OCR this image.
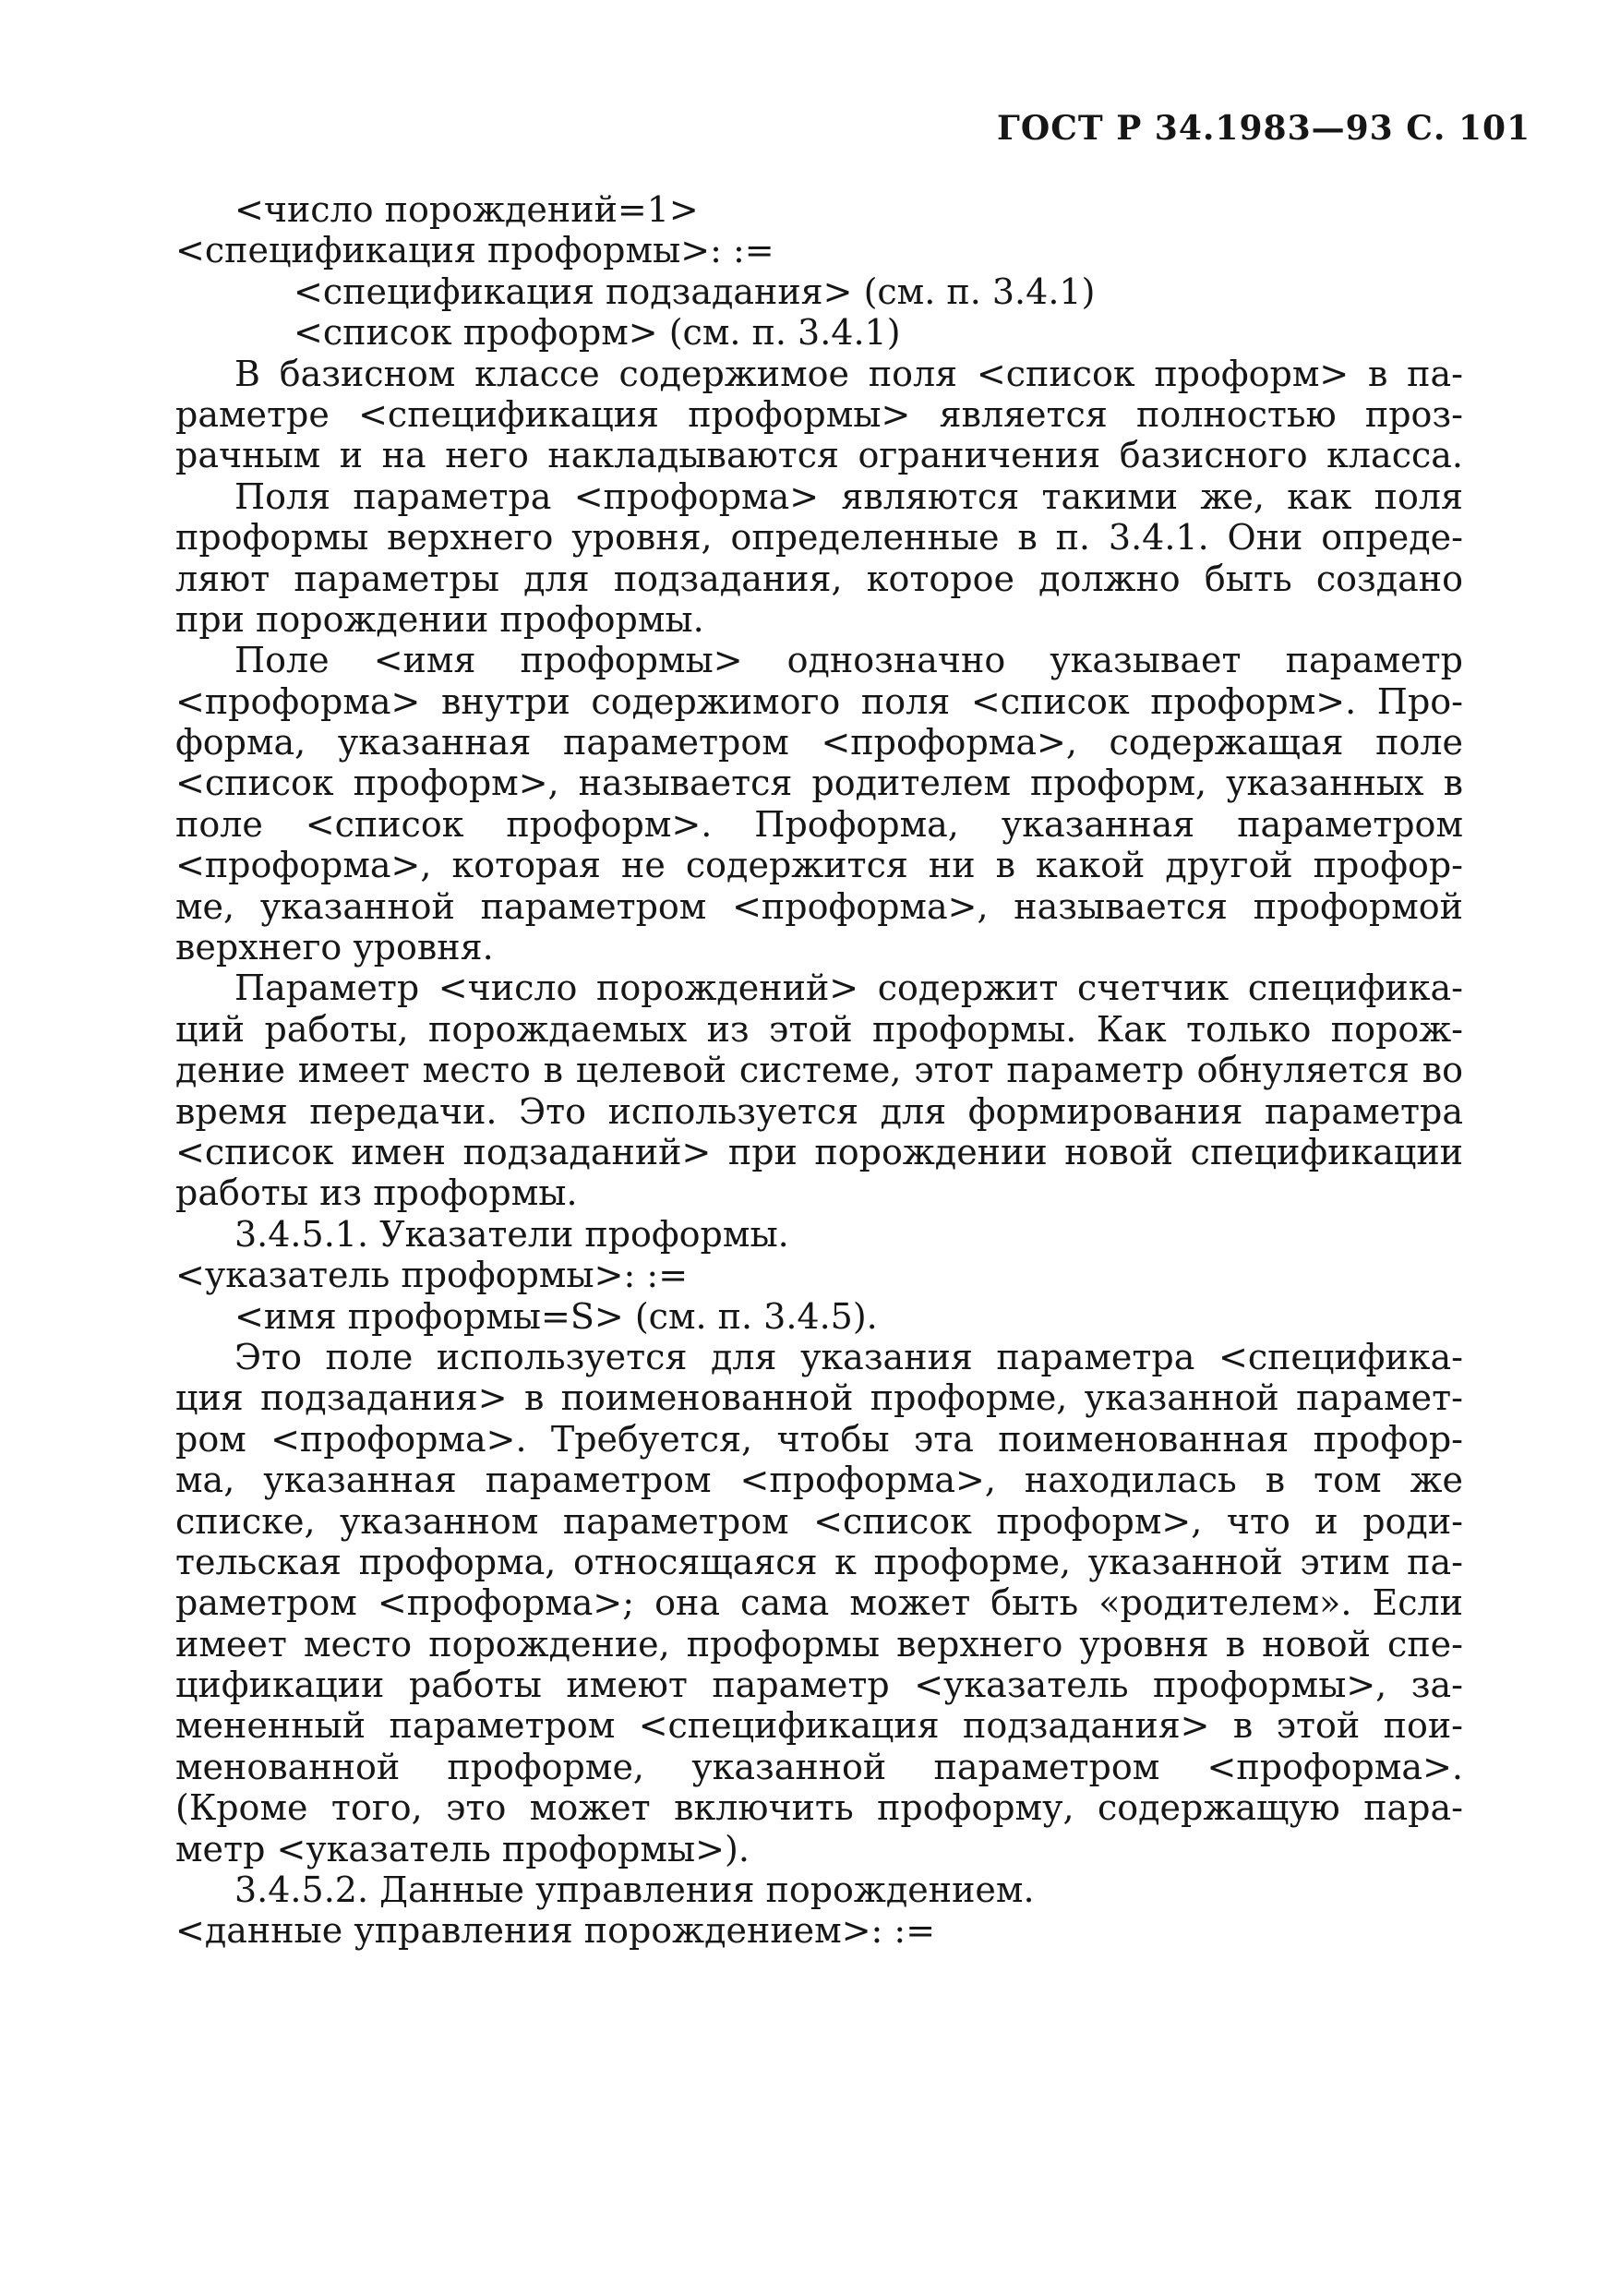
ГОСТ Р 34.1983—93 С. 101
<число порождений=1>
<спецификация проформы>: :=
<спецификация подзадания> (см. п. 3.4.1)
<список проформ> (см. п. 3.4.1)
В базисном классе содержимое поля <список проформ> в па-
раметре <спецификация проформы> является полностью проз-
рачным и на него накладываются ограничения базисного класса.
Поля параметра <проформа> являются такими же, как поля
проформы верхнего уровня, определенные в п. 3.4.1. Они опреде-
ляют параметры для подзадания, которое должно быть создано
при порождении проформы.
Поле <имя проформы> однозначно указывает параметр
<проформа> внутри содержимого поля <список проформ>. Про-
форма, указанная параметром <проформа>, содержащая поле
<список проформ>, называется родителем проформ, указанных в
поле <список проформ>. Проформа, указанная параметром
<проформа>, которая не содержится ни в какой другой профор-
ме, указанной параметром <проформа>, называется проформой
верхнего уровня.
Параметр <число порождений> содержит счетчик специфика-
ций работы, порождаемых из этой проформы. Как только порож-
дение имеет место в целевой системе, этот параметр обнуляется во
время передачи. Это используется для формирования параметра
<список имен подзаданий> при порождении новой спецификации
работы из проформы.
3.4.5.1. Указатели проформы.
<указатель проформы>: :=
<имя проформы=S> (см. п. 3.4.5).
Это поле используется для указания параметра <специфика-
ция подзадания> в поименованной проформе, указанной парамет-
ром <проформа>. Требуется, чтобы эта поименованная профор-
ма, указанная параметром <проформа>, находилась в том же
списке, указанном параметром <список проформ>, что и роди-
тельская проформа, относящаяся к проформе, указанной этим па-
раметром <проформа>; она сама может быть «родителем». Если
имеет место порождение, проформы верхнего уровня в новой спе-
цификации работы имеют параметр <указатель проформы>, за-
мененный параметром <спецификация подзадания> в этой пои-
менованной проформе, указанной параметром <проформа>.
(Кроме того, это может включить проформу, содержащую пара-
метр <указатель проформы>).
3.4.5.2. Данные управления порождением.
<данные управления порождением>: :=
